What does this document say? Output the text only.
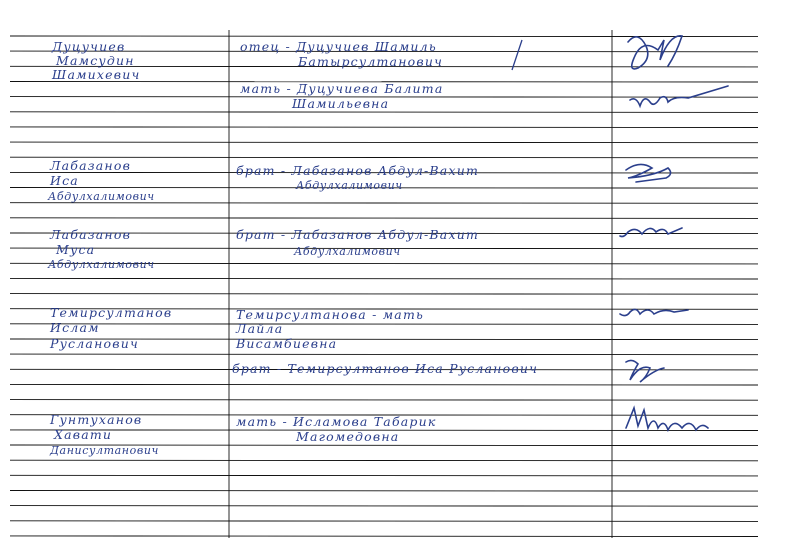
Дуцучиев
Мамсудин
Шамихевич
отец - Дуцучиев Шамиль
Батырсултанович
мать - Дуцучиева Балита
Шамильевна
Лабазанов
Иса
Абдулхалимович
брат - Лабазанов Абдул-Вахит
Абдулхалимович
Лабазанов
Муса
Абдулхалимович
брат - Лабазанов Абдул-Вахит
Абдулхалимович
Темирсултанов
Ислам
Русланович
Темирсултанова - мать
Лайла
Висамбиевна
брат - Темирсултанов Иса Русланович
Гунтуханов
Хавати
Данисултанович
мать - Исламова Табарик
Магомедовна
